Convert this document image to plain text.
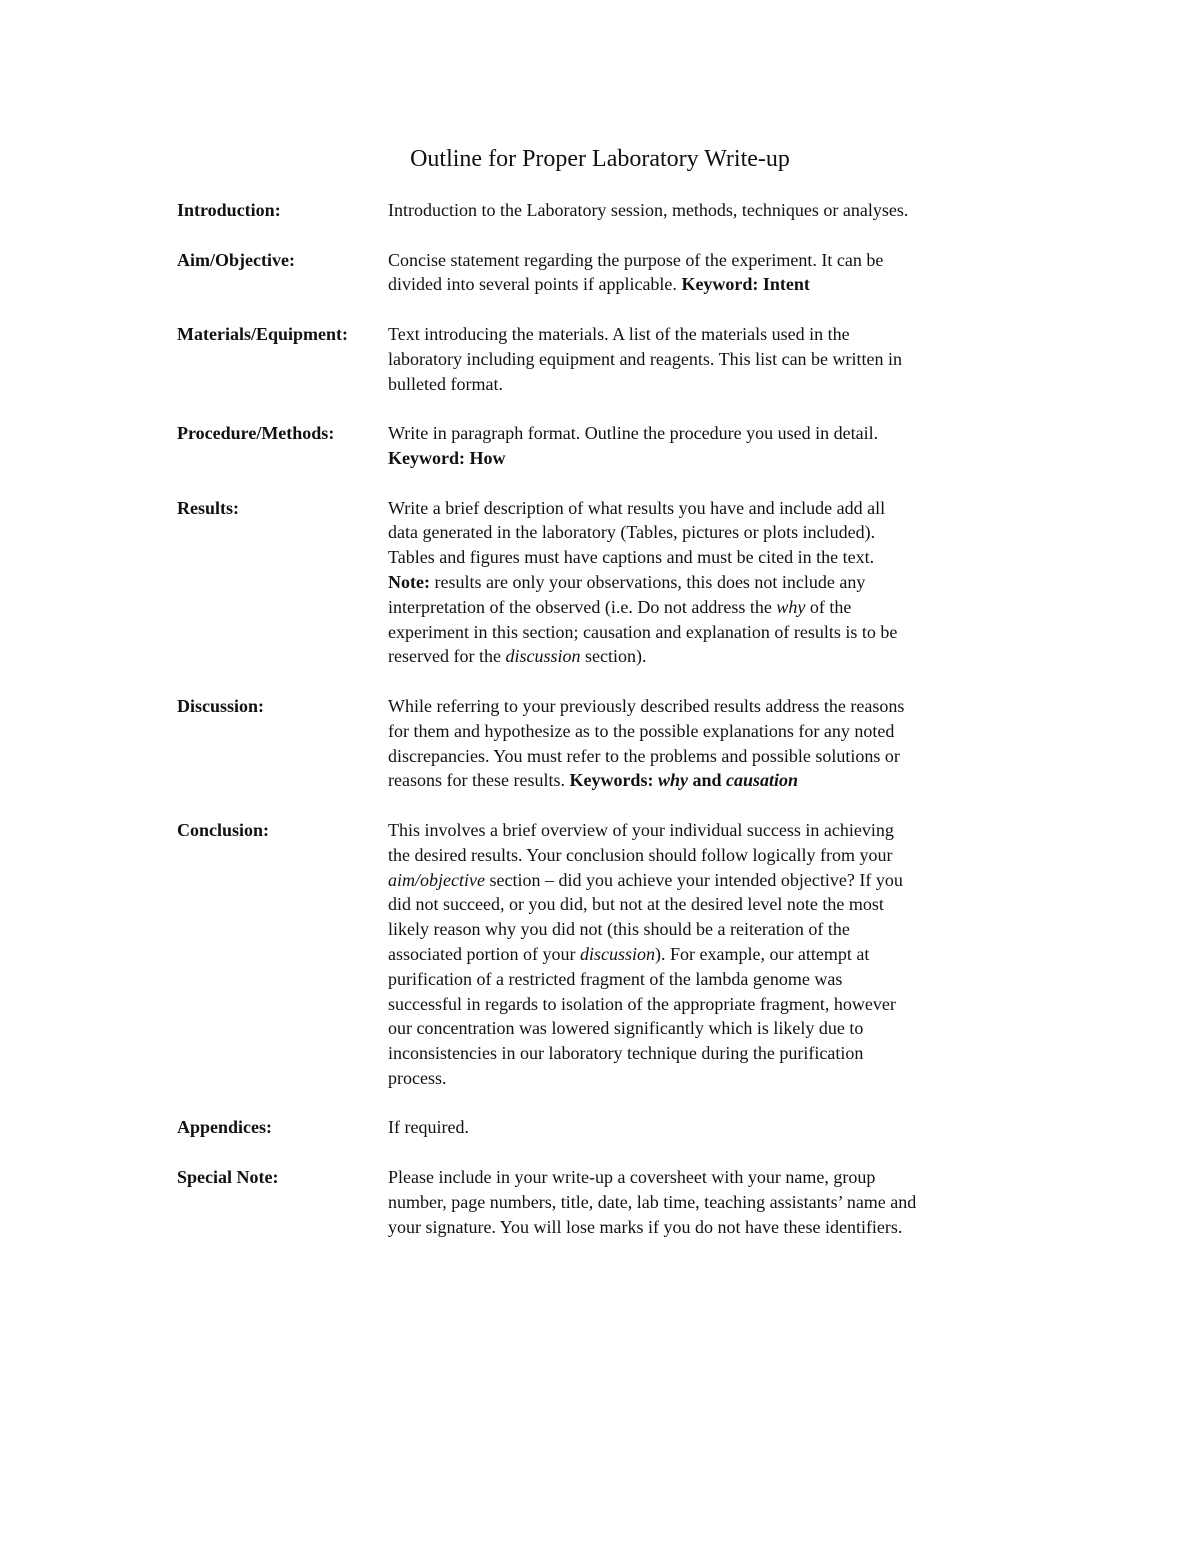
Outline for Proper Laboratory Write-up
Introduction:	Introduction to the Laboratory session, methods, techniques or analyses.
Aim/Objective:	Concise statement regarding the purpose of the experiment. It can be
divided into several points if applicable. Keyword: Intent
Materials/Equipment:	Text introducing the materials. A list of the materials used in the
laboratory including equipment and reagents. This list can be written in
bulleted format.
Procedure/Methods:	Write in paragraph format. Outline the procedure you used in detail.
Keyword: How
Results:	Write a brief description of what results you have and include add all
data generated in the laboratory (Tables, pictures or plots included).
Tables and figures must have captions and must be cited in the text.
Note: results are only your observations, this does not include any
interpretation of the observed (i.e. Do not address the why of the
experiment in this section; causation and explanation of results is to be
reserved for the discussion section).
Discussion:	While referring to your previously described results address the reasons
for them and hypothesize as to the possible explanations for any noted
discrepancies. You must refer to the problems and possible solutions or
reasons for these results. Keywords: why and causation
Conclusion:	This involves a brief overview of your individual success in achieving
the desired results. Your conclusion should follow logically from your
aim/objective section – did you achieve your intended objective? If you
did not succeed, or you did, but not at the desired level note the most
likely reason why you did not (this should be a reiteration of the
associated portion of your discussion). For example, our attempt at
purification of a restricted fragment of the lambda genome was
successful in regards to isolation of the appropriate fragment, however
our concentration was lowered significantly which is likely due to
inconsistencies in our laboratory technique during the purification
process.
Appendices:	If required.
Special Note:	Please include in your write-up a coversheet with your name, group
number, page numbers, title, date, lab time, teaching assistants’ name and
your signature. You will lose marks if you do not have these identifiers.
